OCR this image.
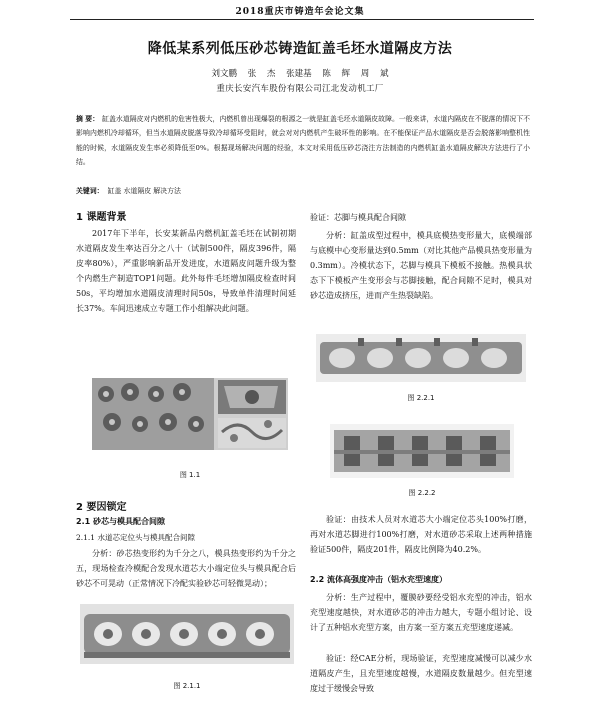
2018重庆市铸造年会论文集
降低某系列低压砂芯铸造缸盖毛坯水道隔皮方法
刘文鹏 张 杰 张建基 陈 辉 周 斌
重庆长安汽车股份有限公司江北发动机工厂
摘 要： 缸盖水道隔皮对内燃机的危害性极大，内燃机曾出现爆裂的根源之一就是缸盖毛坯水道隔皮故障。一般来讲，水道内隔皮在不脱落的情况下不影响内燃机冷却循环，但当水道隔皮脱落导致冷却循环受阻时，就会对对内燃机产生破坏性的影响。在不能保证产品水道隔皮是否会脱落影响整机性能的时候，水道隔皮发生率必须降低至0%。根据现场解决问题的经验，本文对采用低压砂芯浇注方法制造的内燃机缸盖水道隔皮解决方法进行了小结。
关键词： 缸盖 水道隔皮 解决方法
1 课题背景
2017年下半年，长安某新品内燃机缸盖毛坯在试制初期水道隔皮发生率达百分之八十（试制500件，隔皮396件，隔皮率80%），严重影响新品开发进度，水道隔皮问题升级为整个内燃生产制造TOP1问题。此外每件毛坯增加隔皮检查时间50s，平均增加水道隔皮清理时间50s，导致单件清理时间延长37%。车间迅速成立专题工作小组解决此问题。
图 1.1
2 要因锁定
2.1 砂芯与模具配合间隙
2.1.1 水道芯定位头与模具配合间隙
分析：砂芯热变形约为千分之八，模具热变形约为千分之五，现场检查冷模配合发现水道芯大小端定位头与模具配合后砂芯不可晃动（正常情况下冷配实验砂芯可轻微晃动）；
图 2.1.1
验证：芯脚与模具配合间隙
分析：缸盖成型过程中，模具底模热变形量大，底模端部与底模中心变形量达到0.5mm（对比其他产品模具热变形量为0.3mm）。冷模状态下，芯脚与模具下模板不接触。热模具状态下下模板产生变形会与芯脚接触，配合间隙不足时，模具对砂芯造成挤压，进而产生热裂缺陷。
图 2.2.1
图 2.2.2
验证：由技术人员对水道芯大小端定位芯头100%打磨，再对水道芯脚进行100%打磨，对水道砂芯采取上述两种措施验证500件，隔皮201件，隔皮比例降为40.2%。
2.2 流体高强度冲击（铝水充型速度）
分析：生产过程中，覆膜砂要经受铝水充型的冲击，铝水充型速度越快，对水道砂芯的冲击力越大，专题小组讨论、设计了五种铝水充型方案，由方案一至方案五充型速度递减。
验证：经CAE分析，现场验证，充型速度减慢可以减少水道隔皮产生，且充型速度越慢，水道隔皮数量越少。但充型速度过于缓慢会导致
